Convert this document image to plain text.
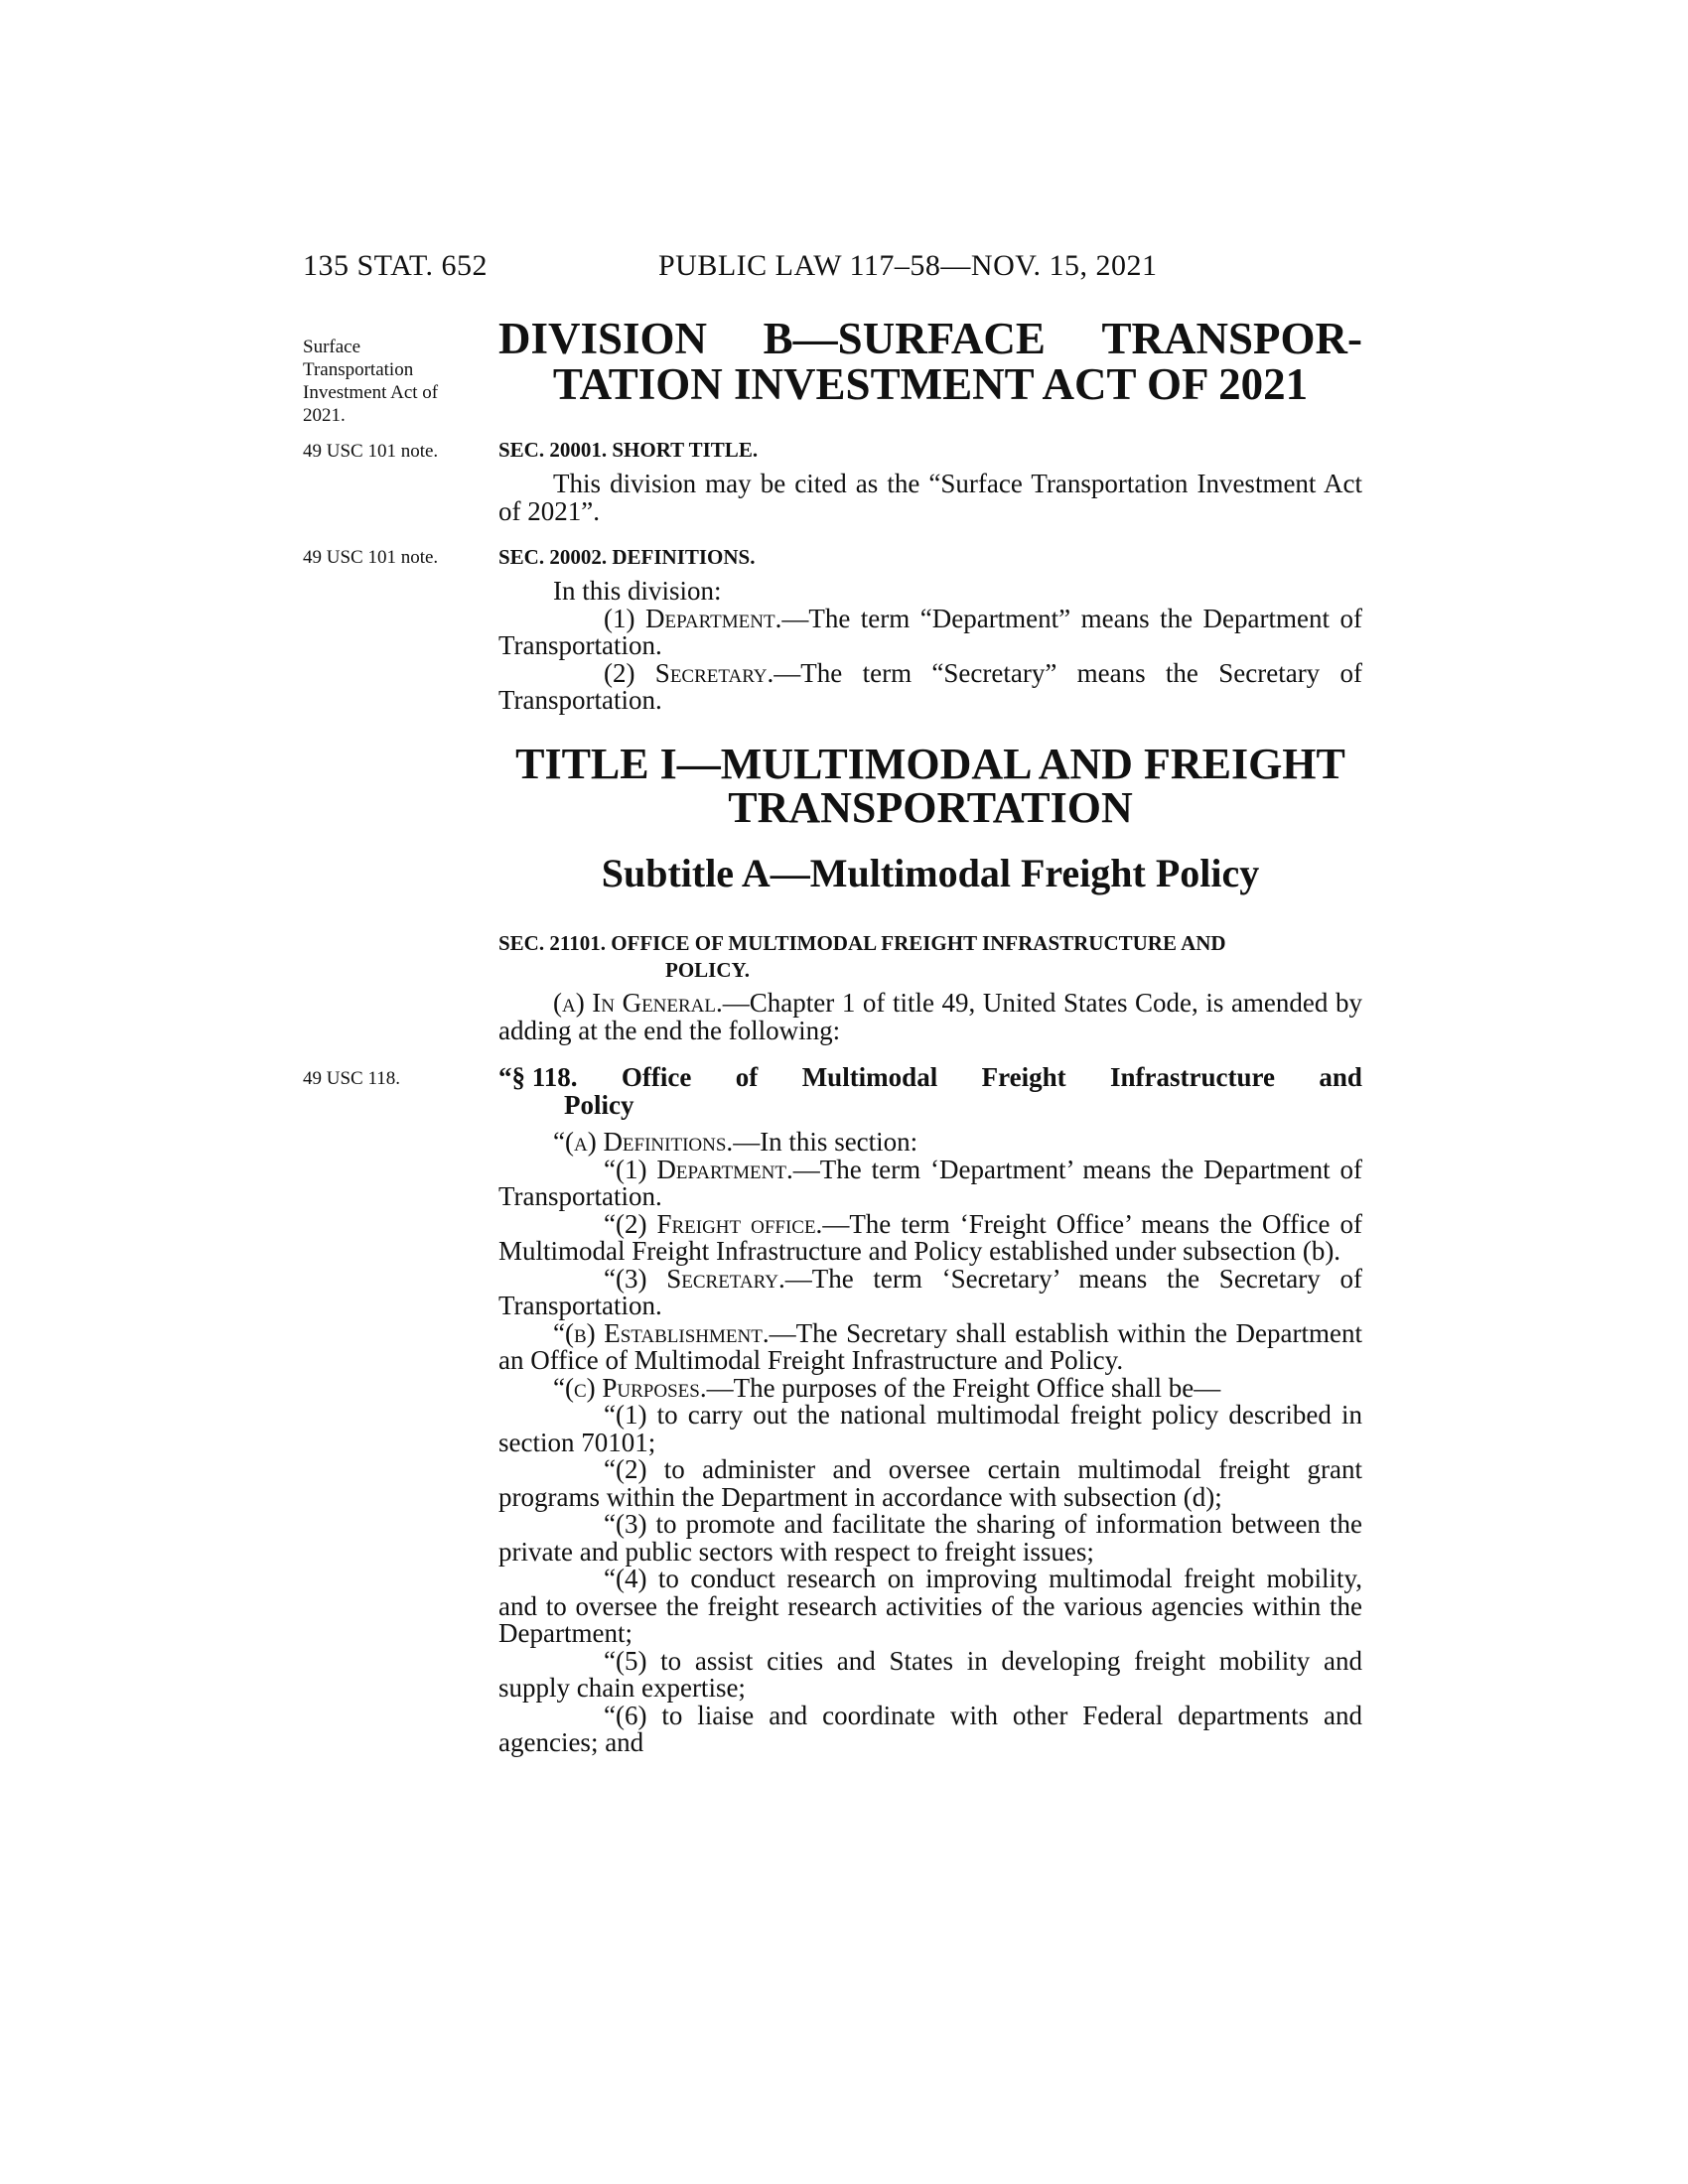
135 STAT. 652	PUBLIC LAW 117–58—NOV. 15, 2021
Surface Transportation Investment Act of 2021.
49 USC 101 note.
49 USC 101 note.
49 USC 118.
DIVISION B—SURFACE TRANSPOR-
TATION INVESTMENT ACT OF 2021
SEC. 20001. SHORT TITLE.
This division may be cited as the “Surface Transportation Investment Act of 2021”.
SEC. 20002. DEFINITIONS.
In this division:
(1) Department.—The term “Department” means the Department of Transportation.
(2) Secretary.—The term “Secretary” means the Secretary of Transportation.
TITLE I—MULTIMODAL AND FREIGHT
TRANSPORTATION
Subtitle A—Multimodal Freight Policy
SEC. 21101. OFFICE OF MULTIMODAL FREIGHT INFRASTRUCTURE AND
POLICY.
(a) In General.—Chapter 1 of title 49, United States Code, is amended by adding at the end the following:
“§ 118. Office of Multimodal Freight Infrastructure and
Policy
“(a) Definitions.—In this section:
“(1) Department.—The term ‘Department’ means the Department of Transportation.
“(2) Freight office.—The term ‘Freight Office’ means the Office of Multimodal Freight Infrastructure and Policy established under subsection (b).
“(3) Secretary.—The term ‘Secretary’ means the Secretary of Transportation.
“(b) Establishment.—The Secretary shall establish within the Department an Office of Multimodal Freight Infrastructure and Policy.
“(c) Purposes.—The purposes of the Freight Office shall be—
“(1) to carry out the national multimodal freight policy described in section 70101;
“(2) to administer and oversee certain multimodal freight grant programs within the Department in accordance with subsection (d);
“(3) to promote and facilitate the sharing of information between the private and public sectors with respect to freight issues;
“(4) to conduct research on improving multimodal freight mobility, and to oversee the freight research activities of the various agencies within the Department;
“(5) to assist cities and States in developing freight mobility and supply chain expertise;
“(6) to liaise and coordinate with other Federal departments and agencies; and
